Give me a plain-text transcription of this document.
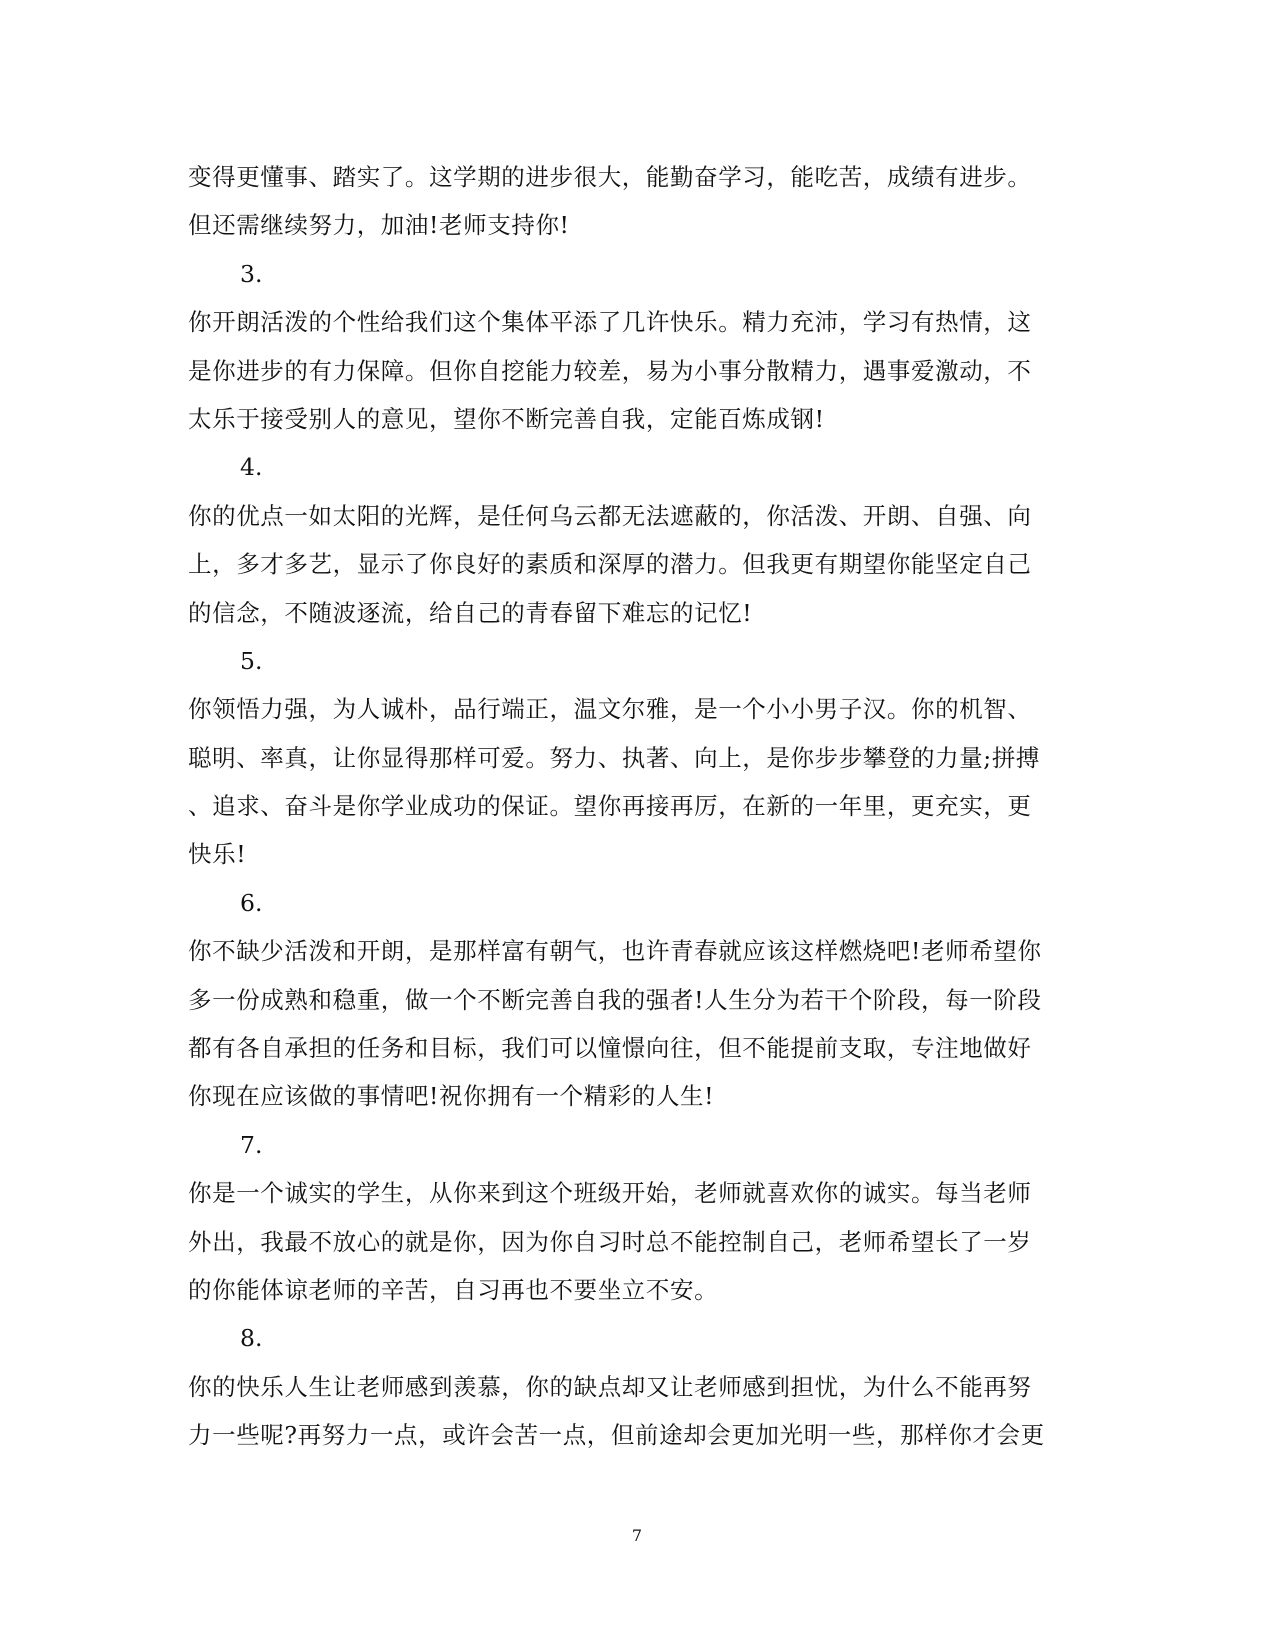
变得更懂事、踏实了。这学期的进步很大，能勤奋学习，能吃苦，成绩有进步。
但还需继续努力，加油!老师支持你!
3.
你开朗活泼的个性给我们这个集体平添了几许快乐。精力充沛，学习有热情，这
是你进步的有力保障。但你自挖能力较差，易为小事分散精力，遇事爱激动，不
太乐于接受别人的意见，望你不断完善自我，定能百炼成钢!
4.
你的优点一如太阳的光辉，是任何乌云都无法遮蔽的，你活泼、开朗、自强、向
上，多才多艺，显示了你良好的素质和深厚的潜力。但我更有期望你能坚定自己
的信念，不随波逐流，给自己的青春留下难忘的记忆!
5.
你领悟力强，为人诚朴，品行端正，温文尔雅，是一个小小男子汉。你的机智、
聪明、率真，让你显得那样可爱。努力、执著、向上，是你步步攀登的力量;拼搏
、追求、奋斗是你学业成功的保证。望你再接再厉，在新的一年里，更充实，更
快乐!
6.
你不缺少活泼和开朗，是那样富有朝气，也许青春就应该这样燃烧吧!老师希望你
多一份成熟和稳重，做一个不断完善自我的强者!人生分为若干个阶段，每一阶段
都有各自承担的任务和目标，我们可以憧憬向往，但不能提前支取，专注地做好
你现在应该做的事情吧!祝你拥有一个精彩的人生!
7.
你是一个诚实的学生，从你来到这个班级开始，老师就喜欢你的诚实。每当老师
外出，我最不放心的就是你，因为你自习时总不能控制自己，老师希望长了一岁
的你能体谅老师的辛苦，自习再也不要坐立不安。
8.
你的快乐人生让老师感到羡慕，你的缺点却又让老师感到担忧，为什么不能再努
力一些呢?再努力一点，或许会苦一点，但前途却会更加光明一些，那样你才会更
7
